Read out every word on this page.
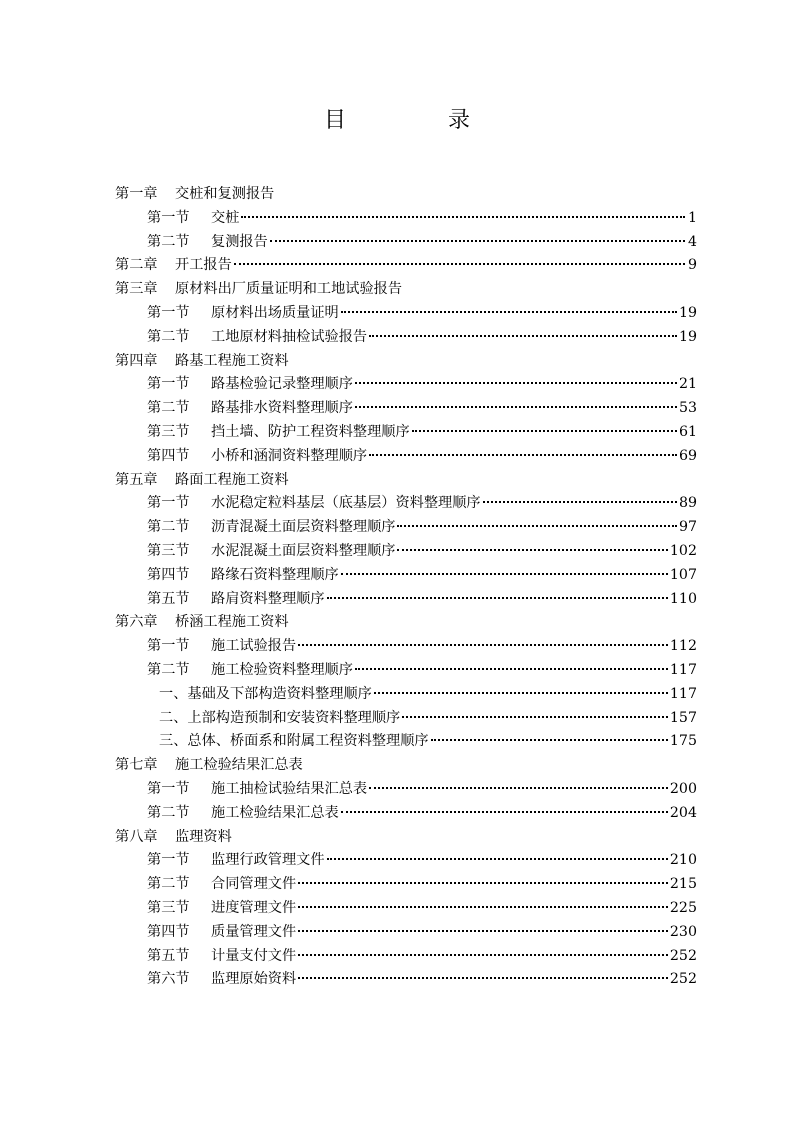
目　录
第一章	交桩和复测报告
第一节	交桩	1
第二节	复测报告	4
第二章	开工报告	9
第三章	原材料出厂质量证明和工地试验报告
第一节	原材料出场质量证明	19
第二节	工地原材料抽检试验报告	19
第四章	路基工程施工资料
第一节	路基检验记录整理顺序	21
第二节	路基排水资料整理顺序	53
第三节	挡土墙、防护工程资料整理顺序	61
第四节	小桥和涵洞资料整理顺序	69
第五章	路面工程施工资料
第一节	水泥稳定粒料基层（底基层）资料整理顺序	89
第二节	沥青混凝土面层资料整理顺序	97
第三节	水泥混凝土面层资料整理顺序	102
第四节	路缘石资料整理顺序	107
第五节	路肩资料整理顺序	110
第六章	桥涵工程施工资料
第一节	施工试验报告	112
第二节	施工检验资料整理顺序	117
一、 基础及下部构造资料整理顺序	117
二、 上部构造预制和安装资料整理顺序	157
三、 总体、桥面系和附属工程资料整理顺序	175
第七章	施工检验结果汇总表
第一节	施工抽检试验结果汇总表	200
第二节	施工检验结果汇总表	204
第八章	监理资料
第一节	监理行政管理文件	210
第二节	合同管理文件	215
第三节	进度管理文件	225
第四节	质量管理文件	230
第五节	计量支付文件	252
第六节	监理原始资料	252
